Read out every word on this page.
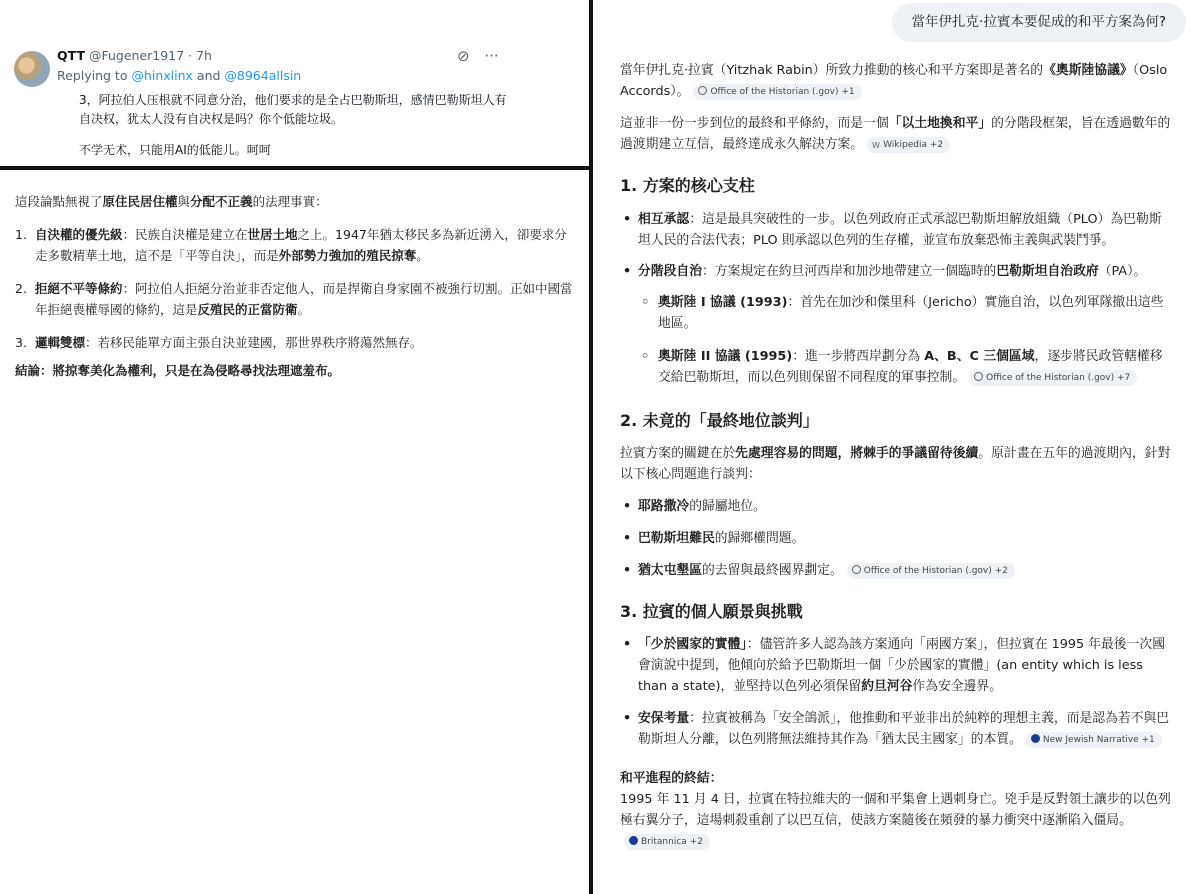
QTT @Fugener1917 · 7h	⊘ ···
Replying to @hinxlinx and @8964allsin
3，阿拉伯人压根就不同意分治，他们要求的是全占巴勒斯坦，感情巴勒斯坦人有自决权，犹太人没有自决权是吗？你个低能垃圾。
不学无术，只能用AI的低能儿。呵呵
這段論點無視了原住民居住權與分配不正義的法理事實：
1. 自決權的優先級：民族自決權是建立在世居土地之上。1947年猶太移民多為新近湧入，卻要求分走多數精華土地，這不是「平等自決」，而是外部勢力強加的殖民掠奪。
2. 拒絕不平等條約：阿拉伯人拒絕分治並非否定他人，而是捍衛自身家園不被強行切割。正如中國當年拒絕喪權辱國的條約，這是反殖民的正當防衛。
3. 邏輯雙標：若移民能單方面主張自決並建國，那世界秩序將蕩然無存。
結論：將掠奪美化為權利，只是在為侵略尋找法理遮羞布。
當年伊扎克·拉賓本要促成的和平方案為何?

當年伊扎克·拉賓（Yitzhak Rabin）所致力推動的核心和平方案即是著名的《奧斯陸協議》（Oslo Accords）。 Office of the Historian (.gov) +1

這並非一份一步到位的最終和平條約，而是一個「以土地換和平」的分階段框架，旨在透過數年的過渡期建立互信，最終達成永久解決方案。 W Wikipedia +2

1. 方案的核心支柱
• 相互承認：這是最具突破性的一步。以色列政府正式承認巴勒斯坦解放組織（PLO）為巴勒斯坦人民的合法代表；PLO 則承認以色列的生存權，並宣布放棄恐怖主義與武裝鬥爭。
• 分階段自治：方案規定在約旦河西岸和加沙地帶建立一個臨時的巴勒斯坦自治政府（PA）。
◦ 奧斯陸 I 協議 (1993)：首先在加沙和傑里科（Jericho）實施自治，以色列軍隊撤出這些地區。
◦ 奧斯陸 II 協議 (1995)：進一步將西岸劃分為 A、B、C 三個區域，逐步將民政管轄權移交給巴勒斯坦，而以色列則保留不同程度的軍事控制。 Office of the Historian (.gov) +7
2. 未竟的「最終地位談判」

拉賓方案的關鍵在於先處理容易的問題，將棘手的爭議留待後續。原計畫在五年的過渡期內，針對以下核心問題進行談判：

• 耶路撒冷的歸屬地位。
• 巴勒斯坦難民的歸鄉權問題。
• 猶太屯墾區的去留與最終國界劃定。 Office of the Historian (.gov) +2
3. 拉賓的個人願景與挑戰
• 「少於國家的實體」：儘管許多人認為該方案通向「兩國方案」，但拉賓在 1995 年最後一次國會演說中提到，他傾向於給予巴勒斯坦一個「少於國家的實體」(an entity which is less than a state)，並堅持以色列必須保留約旦河谷作為安全邊界。
• 安保考量：拉賓被稱為「安全鴿派」，他推動和平並非出於純粹的理想主義，而是認為若不與巴勒斯坦人分離，以色列將無法維持其作為「猶太民主國家」的本質。 New Jewish Narrative +1

和平進程的終結：

1995 年 11 月 4 日，拉賓在特拉維夫的一個和平集會上遇刺身亡。兇手是反對領土讓步的以色列極右翼分子，這場刺殺重創了以巴互信，使該方案隨後在頻發的暴力衝突中逐漸陷入僵局。Britannica +2
